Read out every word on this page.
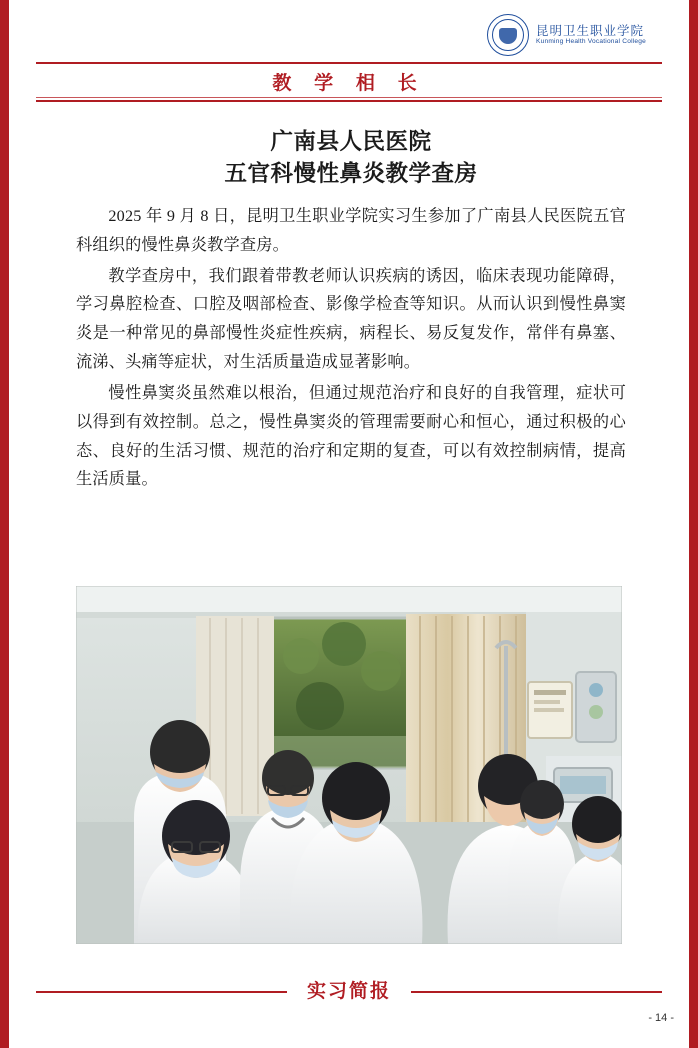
昆明卫生职业学院
Kunming Health Vocational College
教 学 相 长
广南县人民医院
五官科慢性鼻炎教学查房

2025 年 9 月 8 日，昆明卫生职业学院实习生参加了广南县人民医院五官科组织的慢性鼻炎教学查房。

教学查房中，我们跟着带教老师认识疾病的诱因，临床表现功能障碍，学习鼻腔检查、口腔及咽部检查、影像学检查等知识。从而认识到慢性鼻窦炎是一种常见的鼻部慢性炎症性疾病，病程长、易反复发作，常伴有鼻塞、流涕、头痛等症状，对生活质量造成显著影响。

慢性鼻窦炎虽然难以根治，但通过规范治疗和良好的自我管理，症状可以得到有效控制。总之，慢性鼻窦炎的管理需要耐心和恒心，通过积极的心态、良好的生活习惯、规范的治疗和定期的复查，可以有效控制病情，提高生活质量。

实习简报
- 14 -
